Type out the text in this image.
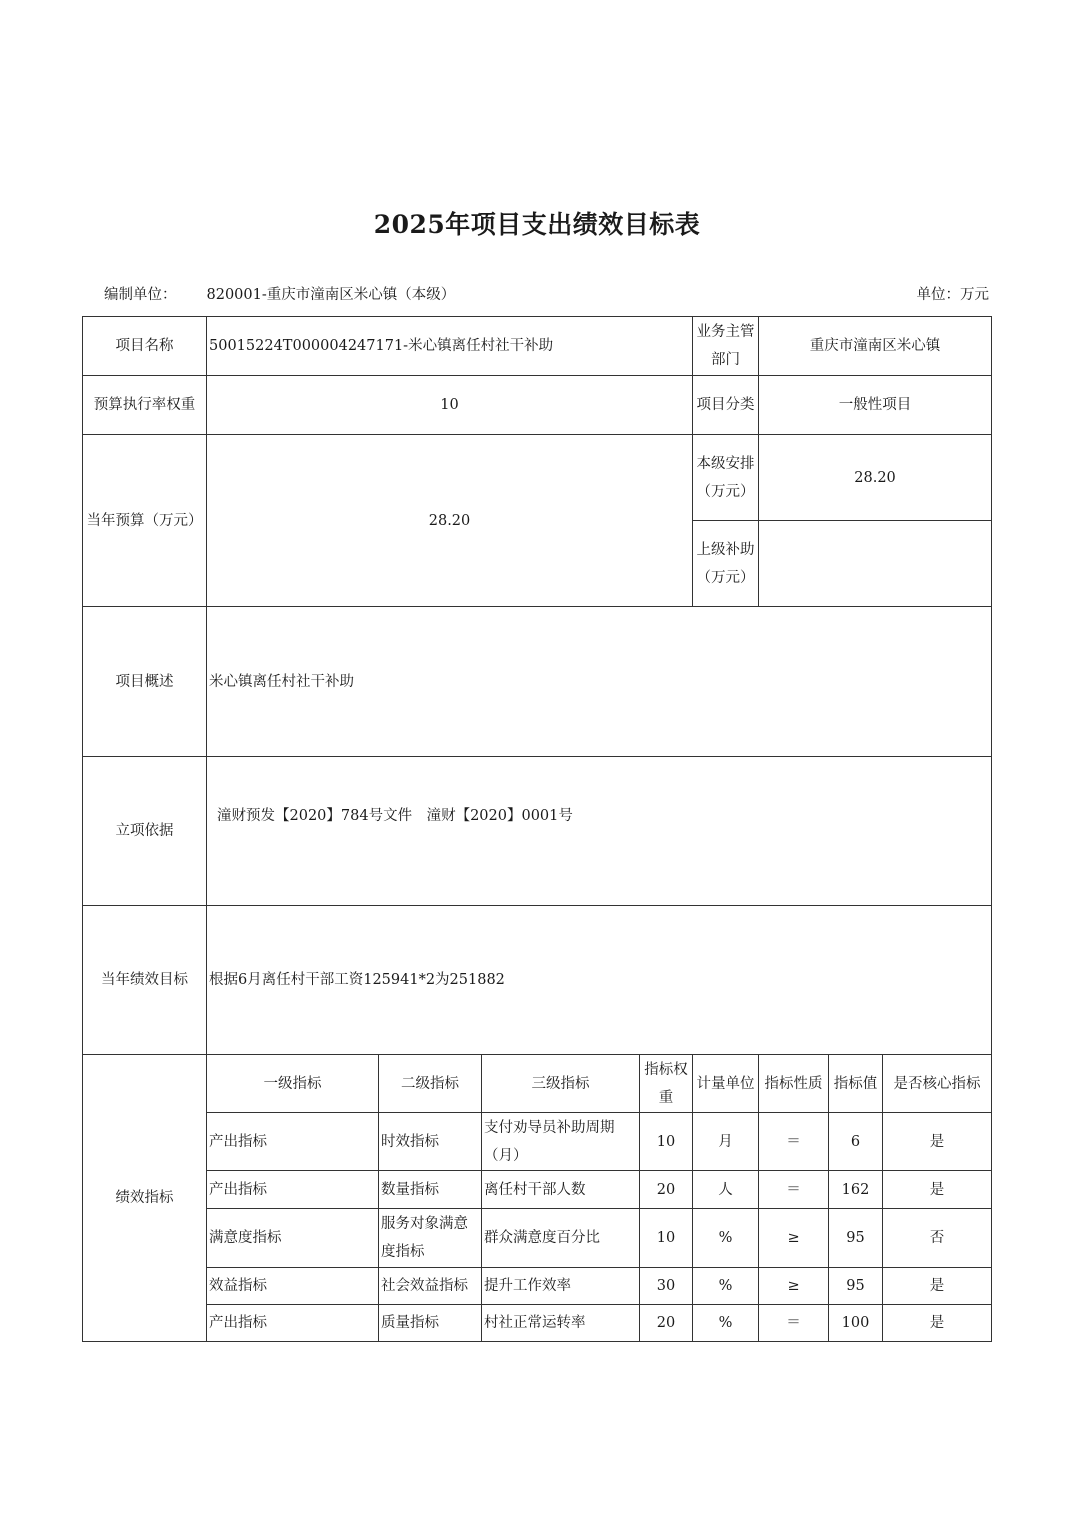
2025年项目支出绩效目标表
编制单位： 820001-重庆市潼南区米心镇（本级）	单位：万元
项目名称	50015224T000004247171-米心镇离任村社干补助				业务主管部门	重庆市潼南区米心镇		
预算执行率权重	10				项目分类	一般性项目		
当年预算（万元）	28.20				本级安排（万元）	28.20		
					上级补助（万元）			
项目概述	米心镇离任村社干补助							
立项依据	潼财预发【2020】784号文件　潼财【2020】0001号							
当年绩效目标	根据6月离任村干部工资125941*2为251882							
绩效指标	一级指标	二级指标	三级指标	指标权重	计量单位	指标性质	指标值	是否核心指标
	产出指标	时效指标	支付劝导员补助周期（月）	10	月	＝	6	是
	产出指标	数量指标	离任村干部人数	20	人	＝	162	是
	满意度指标	服务对象满意度指标	群众满意度百分比	10	%	≥	95	否
	效益指标	社会效益指标	提升工作效率	30	%	≥	95	是
	产出指标	质量指标	村社正常运转率	20	%	＝	100	是
